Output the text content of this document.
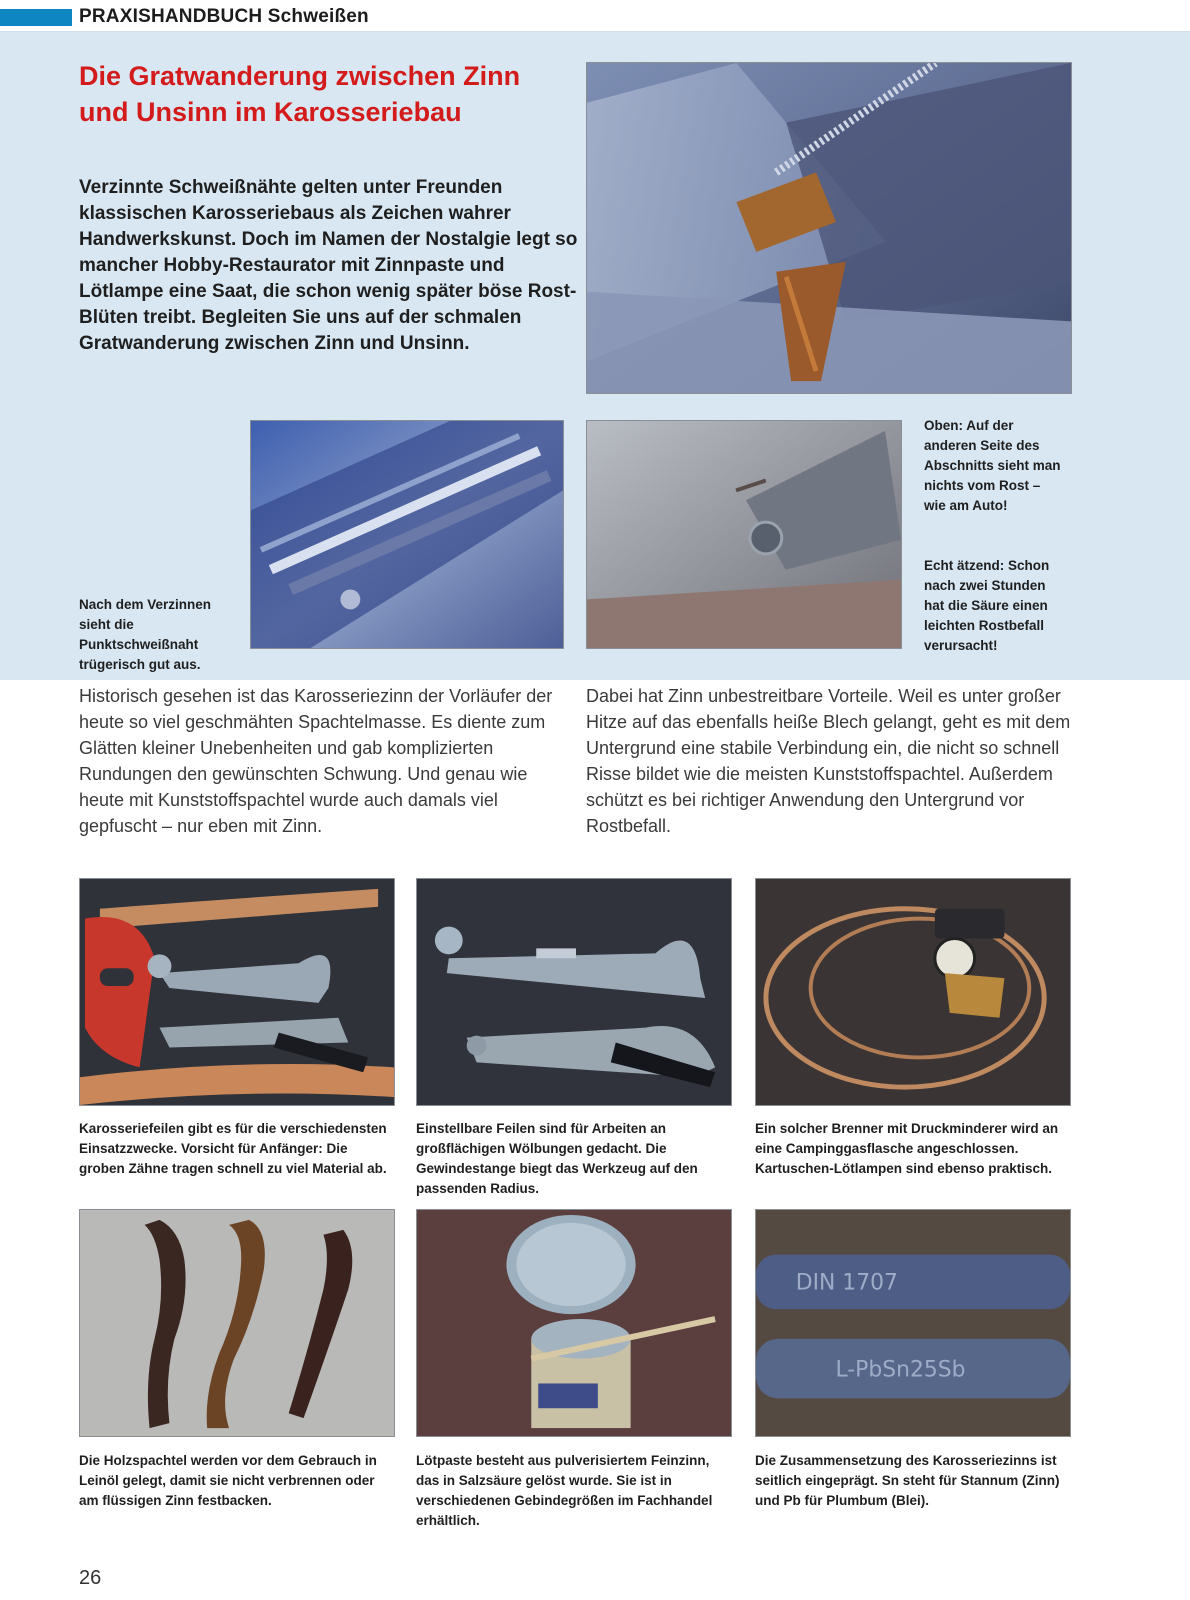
PRAXISHANDBUCH Schweißen
Die Gratwanderung zwischen Zinn
und Unsinn im Karosseriebau

Verzinnte Schweißnähte gelten unter Freunden klassischen Karosseriebaus als Zeichen wahrer Handwerkskunst. Doch im Namen der Nostalgie legt so mancher Hobby-Restaurator mit Zinnpaste und Lötlampe eine Saat, die schon wenig später böse Rost-Blüten treibt. Begleiten Sie uns auf der schmalen Gratwanderung zwischen Zinn und Unsinn.

Oben: Auf der anderen Seite des Abschnitts sieht man nichts vom Rost – wie am Auto!

Echt ätzend: Schon nach zwei Stunden hat die Säure einen leichten Rostbefall verursacht!

Nach dem Verzinnen sieht die Punktschweißnaht trügerisch gut aus.

Historisch gesehen ist das Karosseriezinn der Vorläufer der heute so viel geschmähten Spachtelmasse. Es diente zum Glätten kleiner Unebenheiten und gab komplizierten Rundungen den gewünschten Schwung. Und genau wie heute mit Kunststoffspachtel wurde auch damals viel gepfuscht – nur eben mit Zinn.

Dabei hat Zinn unbestreitbare Vorteile. Weil es unter großer Hitze auf das ebenfalls heiße Blech gelangt, geht es mit dem Untergrund eine stabile Verbindung ein, die nicht so schnell Risse bildet wie die meisten Kunststoffspachtel. Außerdem schützt es bei richtiger Anwendung den Untergrund vor Rostbefall.

Karosseriefeilen gibt es für die verschiedensten Einsatzzwecke. Vorsicht für Anfänger: Die groben Zähne tragen schnell zu viel Material ab.

Einstellbare Feilen sind für Arbeiten an großflächigen Wölbungen gedacht. Die Gewindestange biegt das Werkzeug auf den passenden Radius.

Ein solcher Brenner mit Druckminderer wird an eine Campinggasflasche angeschlossen. Kartuschen-Lötlampen sind ebenso praktisch.

DIN 1707
L-PbSn25Sb

Die Holzspachtel werden vor dem Gebrauch in Leinöl gelegt, damit sie nicht verbrennen oder am flüssigen Zinn festbacken.

Lötpaste besteht aus pulverisiertem Feinzinn, das in Salzsäure gelöst wurde. Sie ist in verschiedenen Gebindegrößen im Fachhandel erhältlich.

Die Zusammensetzung des Karosseriezinns ist seitlich eingeprägt. Sn steht für Stannum (Zinn) und Pb für Plumbum (Blei).

26
